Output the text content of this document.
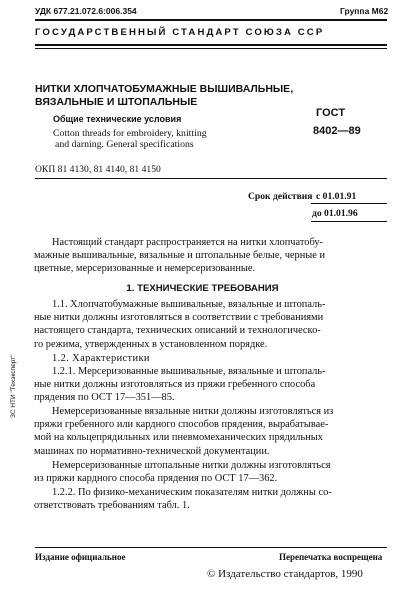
УДК 677.21.072.6:006.354	Группа М62
ГОСУДАРСТВЕННЫЙ СТАНДАРТ СОЮЗА ССР
НИТКИ ХЛОПЧАТОБУМАЖНЫЕ ВЫШИВАЛЬНЫЕ,
ВЯЗАЛЬНЫЕ И ШТОПАЛЬНЫЕ
Общие технические условия
Cotton threads for embroidery, knitting
and darning. General specifications
ГОСТ
8402—89
ОКП 81 4130, 81 4140, 81 4150
Срок действия с 01.01.91
до 01.01.96
Настоящий стандарт распространяется на нитки хлопчатобу-
мажные вышивальные, вязальные и штопальные белые, черные и
цветные, мерсеризованные и немерсеризованные.
1. ТЕХНИЧЕСКИЕ ТРЕБОВАНИЯ
1.1. Хлопчатобумажные вышивальные, вязальные и штопаль-
ные нитки должны изготовляться в соответствии с требованиями
настоящего стандарта, технических описаний и технологическо-
го режима, утвержденных в установленном порядке.
1.2. Характеристики
1.2.1. Мерсеризованные вышивальные, вязальные и штопаль-
ные нитки должны изготовляться из пряжи гребенного способа
прядения по ОСТ 17—351—85.
Немерсеризованные вязальные нитки должны изготовляться из
пряжи гребенного или кардного способов прядения, вырабатывае-
мой на кольцепрядильных или пневмомеханических прядильных
машинах по нормативно-технической документации.
Немерсеризованные штопальные нитки должны изготовляться
из пряжи кардного способа прядения по ОСТ 17—362.
1.2.2. По физико-механическим показателям нитки должны со-
ответствовать требованиям табл. 1.
Издание официальное	Перепечатка воспрещена
© Издательство стандартов, 1990
ЗС НТИ "Техэксперт"
